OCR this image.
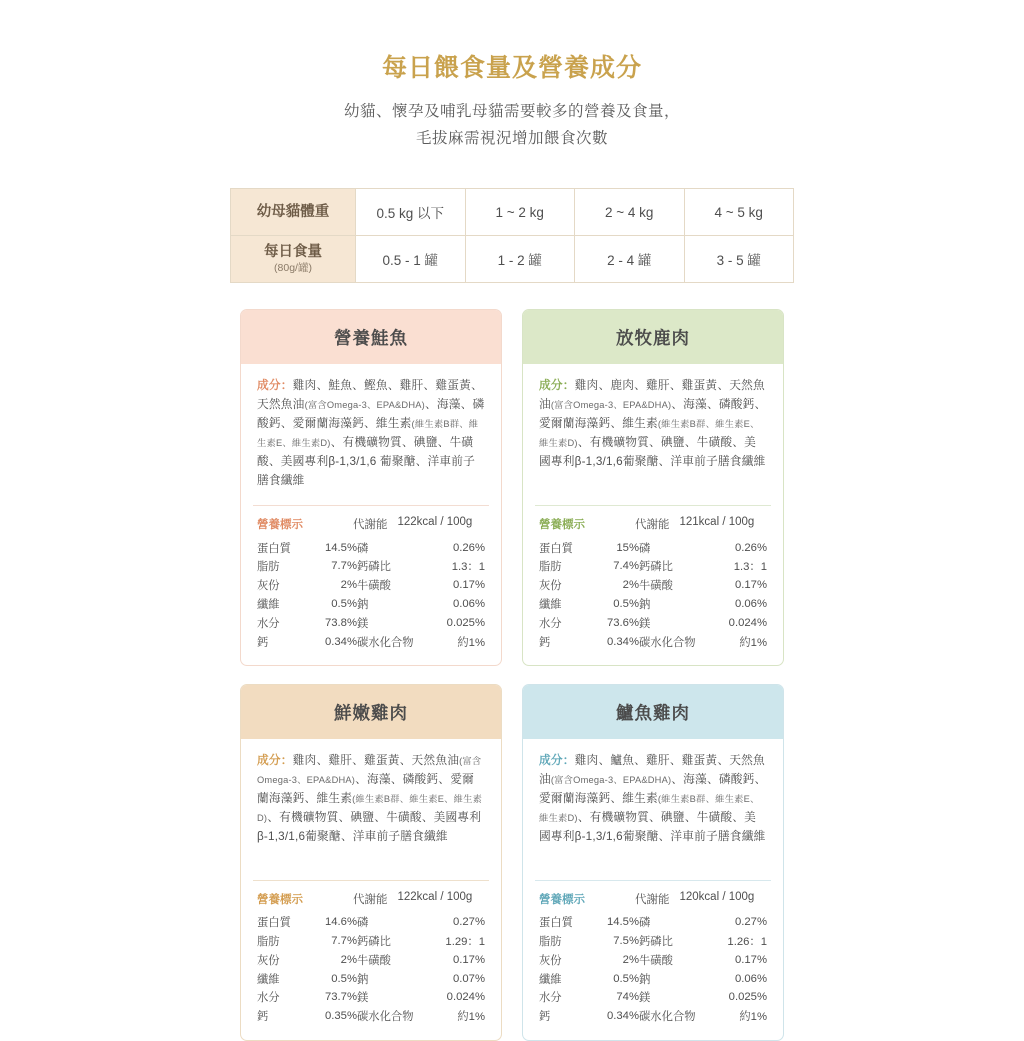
每日餵食量及營養成分
幼貓、懷孕及哺乳母貓需要較多的營養及食量，
毛拔麻需視況增加餵食次數
幼母貓體重	0.5 kg 以下	1 ~ 2 kg	2 ~ 4 kg	4 ~ 5 kg
每日食量
(80g/罐)	0.5 - 1 罐	1 - 2 罐	2 - 4 罐	3 - 5 罐
營養鮭魚
成分：雞肉、鮭魚、鰹魚、雞肝、雞蛋黃、天然魚油(富含Omega-3、EPA&DHA)、海藻、磷酸鈣、愛爾蘭海藻鈣、維生素(維生素B群、維生素E、維生素D)、有機礦物質、碘鹽、牛磺酸、美國專利β-1,3/1,6 葡聚醣、洋車前子膳食纖維
營養標示	代謝能 122kcal / 100g
蛋白質	14.5%	磷	0.26%
脂肪	7.7%	鈣磷比	1.3：1
灰份	2%	牛磺酸	0.17%
纖維	0.5%	鈉	0.06%
水分	73.8%	鎂	0.025%
鈣	0.34%	碳水化合物	約1%
放牧鹿肉
成分：雞肉、鹿肉、雞肝、雞蛋黃、天然魚油(富含Omega-3、EPA&DHA)、海藻、磷酸鈣、愛爾蘭海藻鈣、維生素(維生素B群、維生素E、維生素D)、有機礦物質、碘鹽、牛磺酸、美國專利β-1,3/1,6葡聚醣、洋車前子膳食纖維
營養標示	代謝能 121kcal / 100g
蛋白質	15%	磷	0.26%
脂肪	7.4%	鈣磷比	1.3：1
灰份	2%	牛磺酸	0.17%
纖維	0.5%	鈉	0.06%
水分	73.6%	鎂	0.024%
鈣	0.34%	碳水化合物	約1%
鮮嫩雞肉
成分：雞肉、雞肝、雞蛋黃、天然魚油(富含Omega-3、EPA&DHA)、海藻、磷酸鈣、愛爾蘭海藻鈣、維生素(維生素B群、維生素E、維生素D)、有機礦物質、碘鹽、牛磺酸、美國專利β-1,3/1,6葡聚醣、洋車前子膳食纖維
營養標示	代謝能 122kcal / 100g
蛋白質	14.6%	磷	0.27%
脂肪	7.7%	鈣磷比	1.29：1
灰份	2%	牛磺酸	0.17%
纖維	0.5%	鈉	0.07%
水分	73.7%	鎂	0.024%
鈣	0.35%	碳水化合物	約1%
鱸魚雞肉
成分：雞肉、鱸魚、雞肝、雞蛋黃、天然魚油(富含Omega-3、EPA&DHA)、海藻、磷酸鈣、愛爾蘭海藻鈣、維生素(維生素B群、維生素E、維生素D)、有機礦物質、碘鹽、牛磺酸、美國專利β-1,3/1,6葡聚醣、洋車前子膳食纖維
營養標示	代謝能 120kcal / 100g
蛋白質	14.5%	磷	0.27%
脂肪	7.5%	鈣磷比	1.26：1
灰份	2%	牛磺酸	0.17%
纖維	0.5%	鈉	0.06%
水分	74%	鎂	0.025%
鈣	0.34%	碳水化合物	約1%
